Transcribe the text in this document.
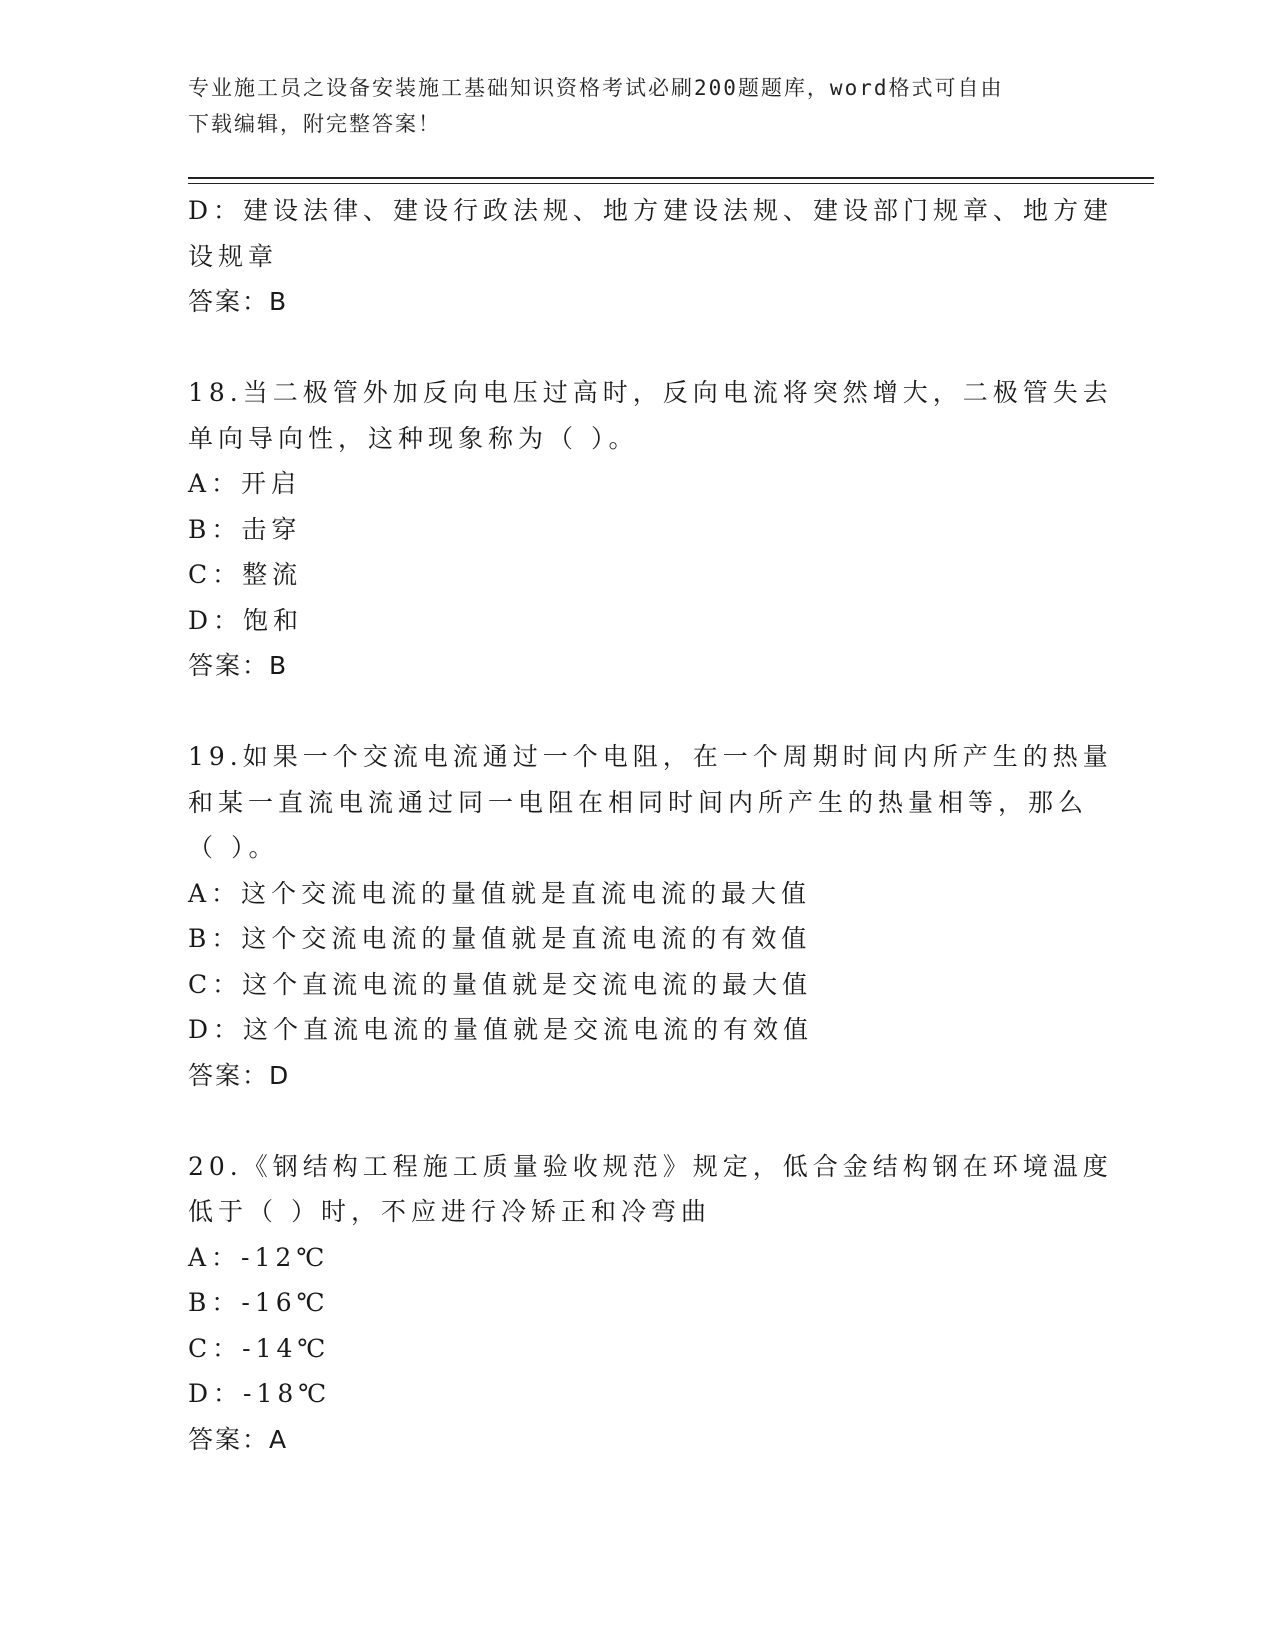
专业施工员之设备安装施工基础知识资格考试必刷200题题库，word格式可自由
下载编辑，附完整答案！
D：建设法律、建设行政法规、地方建设法规、建设部门规章、地方建
设规章
答案：B
18.当二极管外加反向电压过高时，反向电流将突然增大，二极管失去
单向导向性，这种现象称为（ ）。
A：开启
B：击穿
C：整流
D：饱和
答案：B
19.如果一个交流电流通过一个电阻，在一个周期时间内所产生的热量
和某一直流电流通过同一电阻在相同时间内所产生的热量相等，那么
（ ）。
A：这个交流电流的量值就是直流电流的最大值
B：这个交流电流的量值就是直流电流的有效值
C：这个直流电流的量值就是交流电流的最大值
D：这个直流电流的量值就是交流电流的有效值
答案：D
20.《钢结构工程施工质量验收规范》规定，低合金结构钢在环境温度
低于（ ）时，不应进行冷矫正和冷弯曲
A：-12℃
B：-16℃
C：-14℃
D：-18℃
答案：A
